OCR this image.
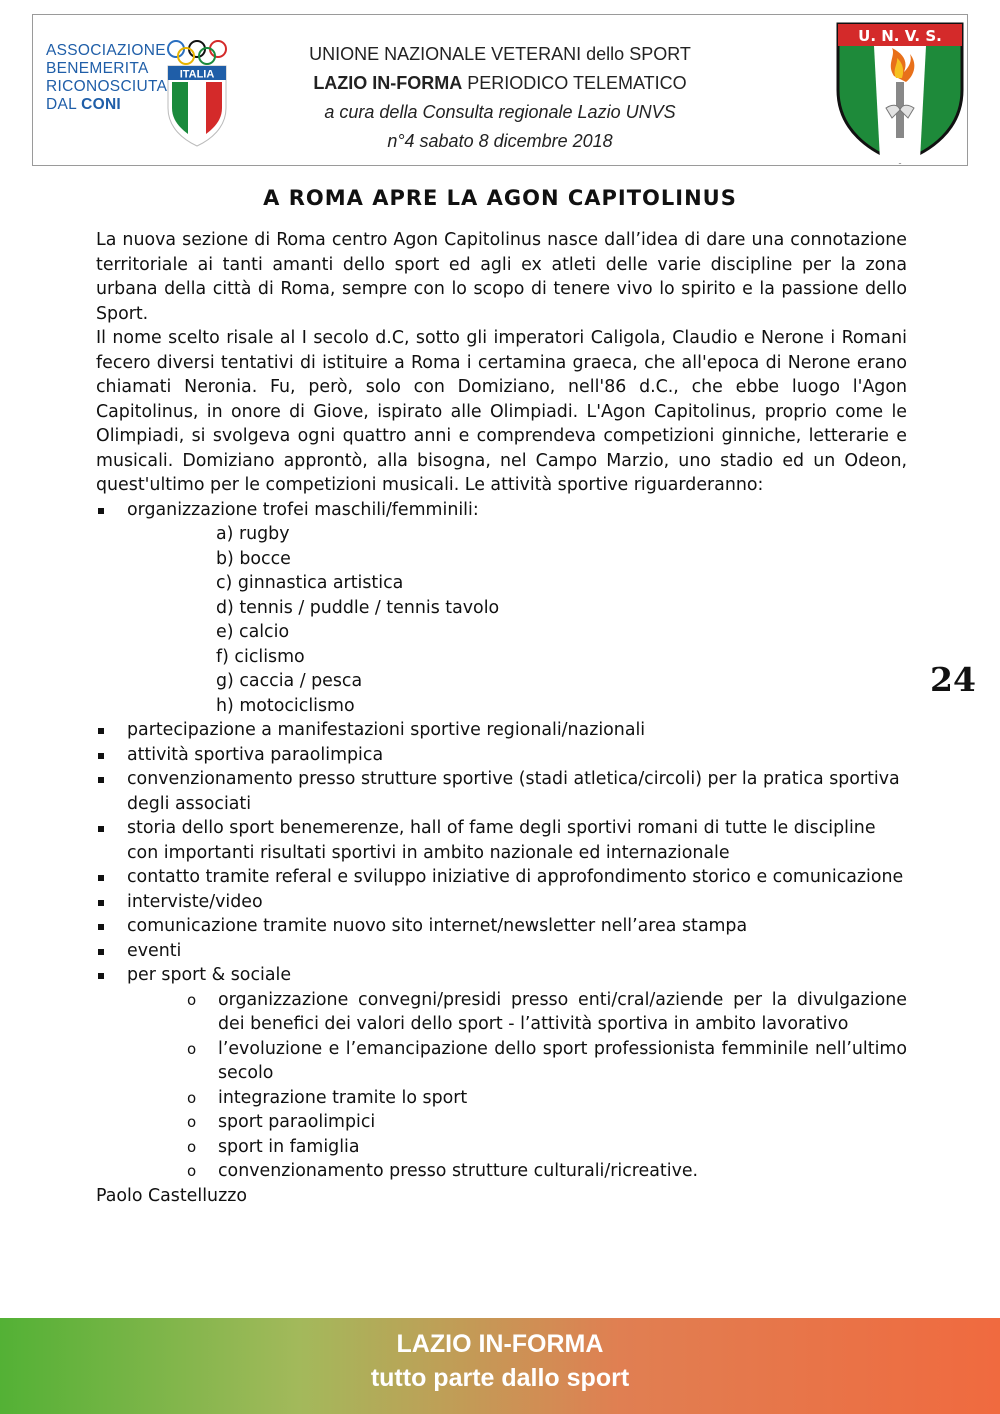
ASSOCIAZIONE
BENEMERITA
RICONOSCIUTA
DAL CONI
ITALIA
UNIONE NAZIONALE VETERANI dello SPORT
LAZIO IN-FORMA PERIODICO TELEMATICO
a cura della Consulta regionale Lazio UNVS
n°4 sabato 8 dicembre 2018
U. N. V. S.
A ROMA APRE LA AGON CAPITOLINUS

La nuova sezione di Roma centro Agon Capitolinus nasce dall’idea di dare una connotazione territoriale ai tanti amanti dello sport ed agli ex atleti delle varie discipline per la zona urbana della città di Roma, sempre con lo scopo di tenere vivo lo spirito e la passione dello Sport.

Il nome scelto risale al I secolo d.C, sotto gli imperatori Caligola, Claudio e Nerone i Romani fecero diversi tentativi di istituire a Roma i certamina graeca, che all'epoca di Nerone erano chiamati Neronia. Fu, però, solo con Domiziano, nell'86 d.C., che ebbe luogo l'Agon Capitolinus, in onore di Giove, ispirato alle Olimpiadi. L'Agon Capitolinus, proprio come le Olimpiadi, si svolgeva ogni quattro anni e comprendeva competizioni ginniche, letterarie e musicali. Domiziano approntò, alla bisogna, nel Campo Marzio, uno stadio ed un Odeon, quest'ultimo per le competizioni musicali. Le attività sportive riguarderanno:

organizzazione trofei maschili/femminili:
a) rugby
b) bocce
c) ginnastica artistica
d) tennis / puddle / tennis tavolo
e) calcio
f) ciclismo
g) caccia / pesca
h) motociclismo
partecipazione a manifestazioni sportive regionali/nazionali
attività sportiva paraolimpica
convenzionamento presso strutture sportive (stadi atletica/circoli) per la pratica sportiva degli associati
storia dello sport benemerenze, hall of fame degli sportivi romani di tutte le discipline con importanti risultati sportivi in ambito nazionale ed internazionale
contatto tramite referal e sviluppo iniziative di approfondimento storico e comunicazione
interviste/video
comunicazione tramite nuovo sito internet/newsletter nell’area stampa
eventi
per sport & sociale
o organizzazione convegni/presidi presso enti/cral/aziende per la divulgazione dei benefici dei valori dello sport - l’attività sportiva in ambito lavorativo
o l’evoluzione e l’emancipazione dello sport professionista femminile nell’ultimo secolo
o integrazione tramite lo sport
o sport paraolimpici
o sport in famiglia
o convenzionamento presso strutture culturali/ricreative.
Paolo Castelluzzo
24
LAZIO IN-FORMA
tutto parte dallo sport
